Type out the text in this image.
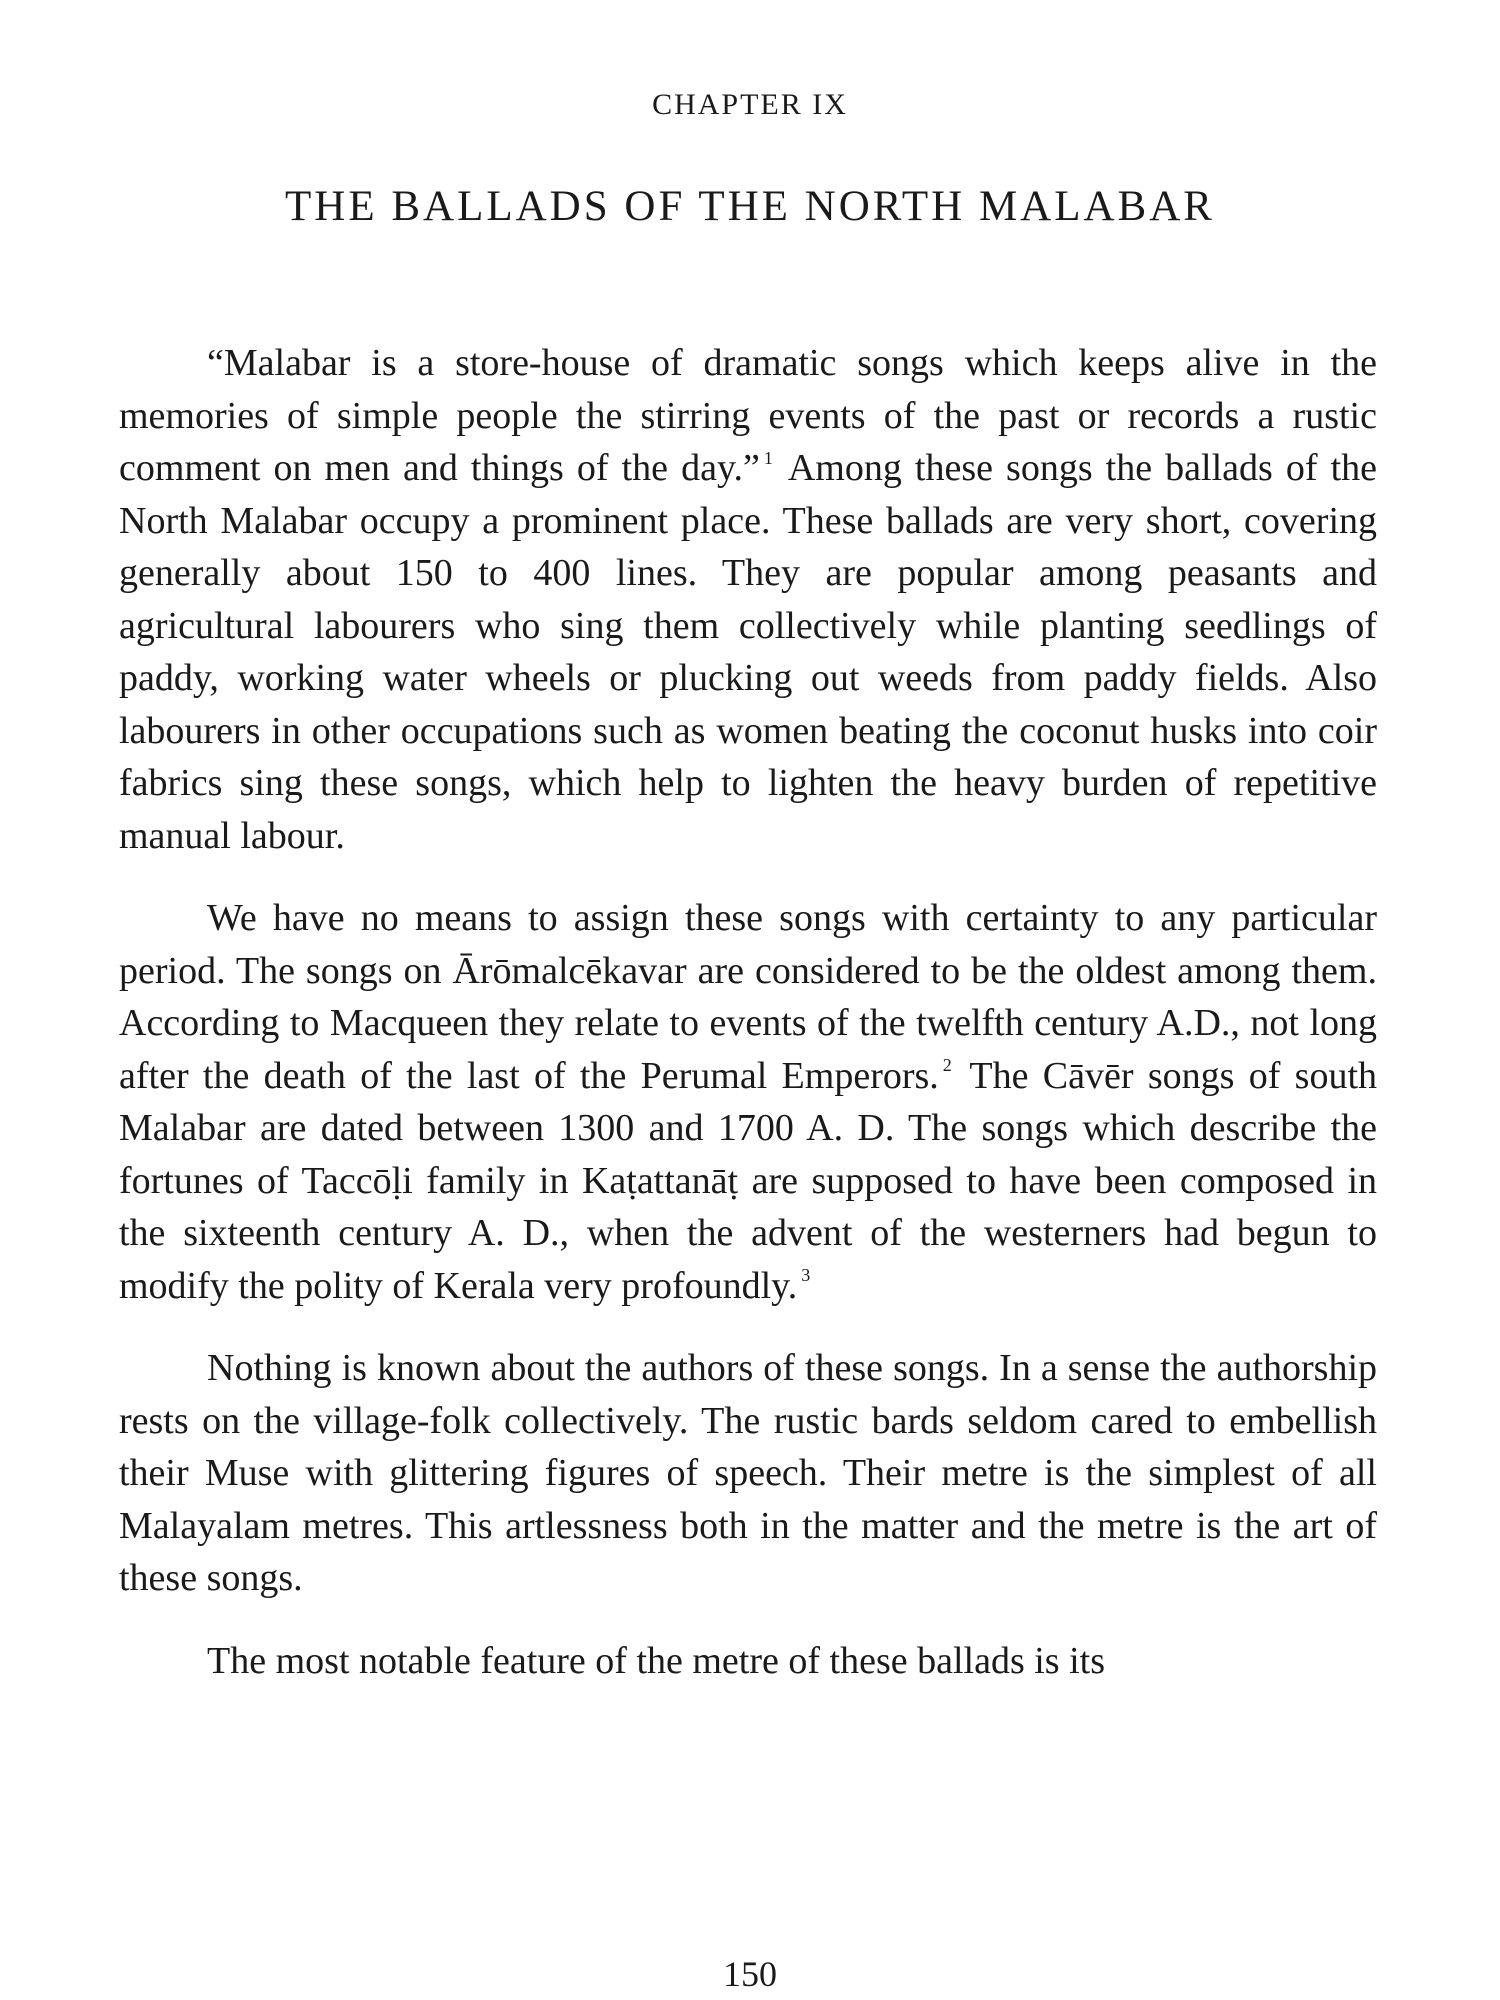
CHAPTER IX

THE BALLADS OF THE NORTH MALABAR

“Malabar is a store-house of dramatic songs which keeps alive in the memories of simple people the stirring events of the past or records a rustic comment on men and things of the day.” $^1$ Among these songs the ballads of the North Malabar occupy a prominent place. These ballads are very short, covering generally about 150 to 400 lines. They are popular among peasants and agricultural labourers who sing them collectively while planting seedlings of paddy, working water wheels or plucking out weeds from paddy fields. Also labourers in other occupations such as women beating the coconut husks into coir fabrics sing these songs, which help to lighten the heavy burden of repetitive manual labour.

We have no means to assign these songs with certainty to any particular period. The songs on Ārōmalcēkavar are considered to be the oldest among them. According to Macqueen they relate to events of the twelfth century A.D., not long after the death of the last of the Perumal Emperors. $^2$ The Cāvēr songs of south Malabar are dated between 1300 and 1700 A. D. The songs which describe the fortunes of Taccōḷi family in Kaṭattanāṭ are supposed to have been composed in the sixteenth century A. D., when the advent of the westerners had begun to modify the polity of Kerala very profoundly. $^3$

Nothing is known about the authors of these songs. In a sense the authorship rests on the village-folk collectively. The rustic bards seldom cared to embellish their Muse with glittering figures of speech. Their metre is the simplest of all Malayalam metres. This artlessness both in the matter and the metre is the art of these songs.

The most notable feature of the metre of these ballads is its

150
